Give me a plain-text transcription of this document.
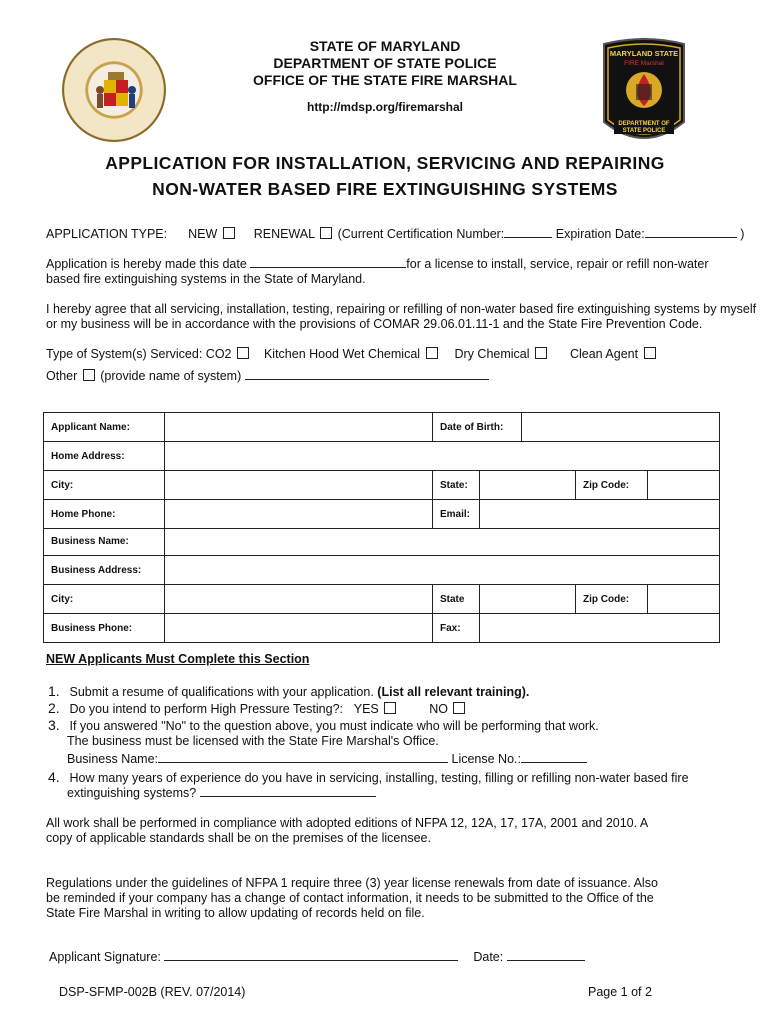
STATE OF MARYLAND
DEPARTMENT OF STATE POLICE
OFFICE OF THE STATE FIRE MARSHAL
http://mdsp.org/firemarshal
MARYLAND STATE
FIRE Marshal
DEPARTMENT OF
STATE POLICE
APPLICATION FOR INSTALLATION, SERVICING AND REPAIRING
NON-WATER BASED FIRE EXTINGUISHING SYSTEMS
APPLICATION TYPE: NEW	RENEWAL (Current Certification Number:	Expiration Date:	)
Application is hereby made this date	for a license to install, service, repair or refill non-water
based fire extinguishing systems in the State of Maryland.
I hereby agree that all servicing, installation, testing, repairing or refilling of non-water based fire extinguishing systems by myself
or my business will be in accordance with the provisions of COMAR 29.06.01.11-1 and the State Fire Prevention Code.
Type of System(s) Serviced: CO2	Kitchen Hood Wet Chemical	Dry Chemical	Clean Agent
Other (provide name of system)
Applicant Name:	Date of Birth:
Home Address:
City:	State:	Zip Code:
Home Phone:	Email:
Business Name:
Business Address:
City:	State	Zip Code:
Business Phone:	Fax:
NEW Applicants Must Complete this Section
1. Submit a resume of qualifications with your application. (List all relevant training).
2. Do you intend to perform High Pressure Testing?: YES	NO
3. If you answered "No" to the question above, you must indicate who will be performing that work.
The business must be licensed with the State Fire Marshal's Office.
Business Name:	License No.:
4. How many years of experience do you have in servicing, installing, testing, filling or refilling non-water based fire
extinguishing systems?
All work shall be performed in compliance with adopted editions of NFPA 12, 12A, 17, 17A, 2001 and 2010. A
copy of applicable standards shall be on the premises of the licensee.
Regulations under the guidelines of NFPA 1 require three (3) year license renewals from date of issuance. Also
be reminded if your company has a change of contact information, it needs to be submitted to the Office of the
State Fire Marshal in writing to allow updating of records held on file.
Applicant Signature:	Date:
DSP-SFMP-002B (REV. 07/2014)	Page 1 of 2
